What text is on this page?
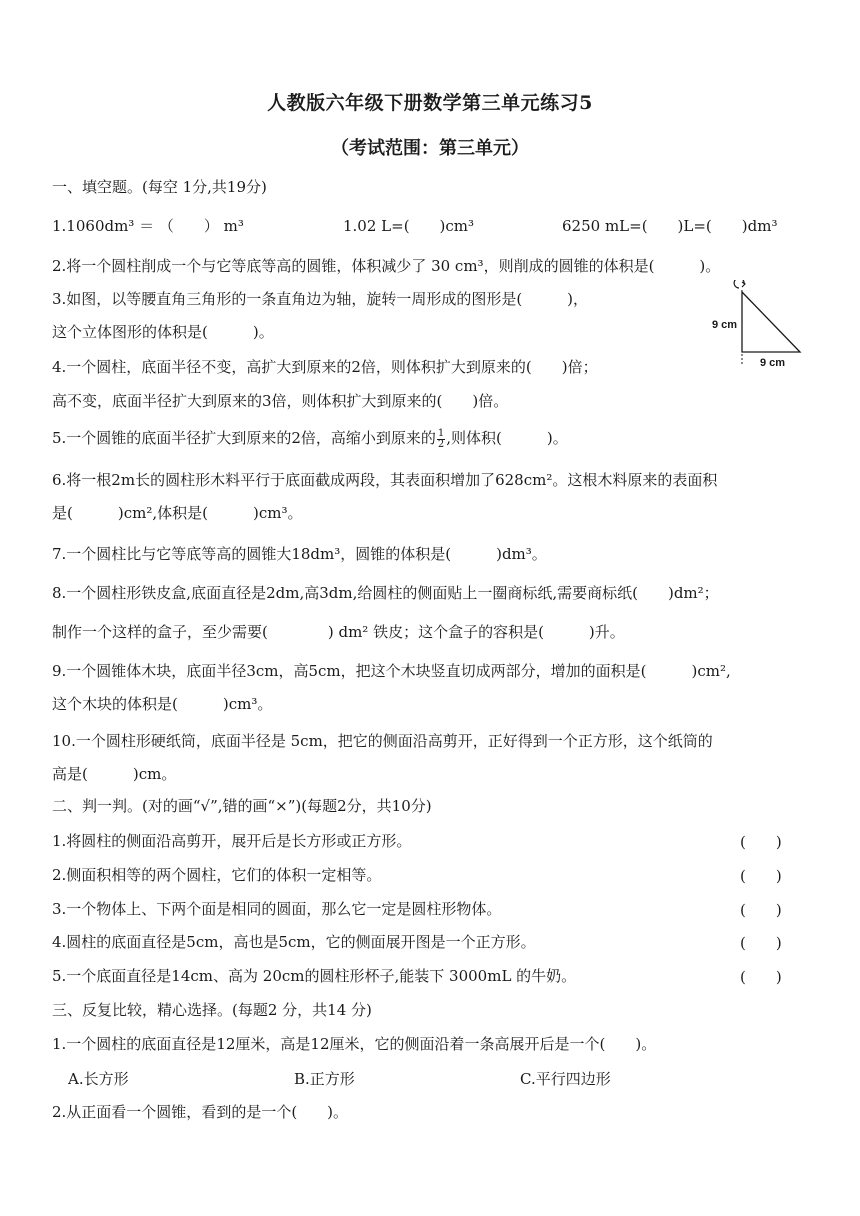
人教版六年级下册数学第三单元练习5
（考试范围：第三单元）
一、填空题。(每空 1分,共19分)
1.1060dm³ ＝ （　　） m³	1.02 L=(　　)cm³	6250 mL=(　　)L=(　　)dm³
2.将一个圆柱削成一个与它等底等高的圆锥，体积减少了 30 cm³，则削成的圆锥的体积是(　　　)。
3.如图，以等腰直角三角形的一条直角边为轴，旋转一周形成的图形是(　　　)，
这个立体图形的体积是(　　　)。	9 cm
9 cm
4.一个圆柱，底面半径不变，高扩大到原来的2倍，则体积扩大到原来的(　　)倍；
高不变，底面半径扩大到原来的3倍，则体积扩大到原来的(　　)倍。
5.一个圆锥的底面半径扩大到原来的2倍，高缩小到原来的 $\frac{1}{2}$ ,则体积(　　　)。
6.将一根2m长的圆柱形木料平行于底面截成两段，其表面积增加了628cm²。这根木料原来的表面积
是(　　　)cm²,体积是(　　　)cm³。
7.一个圆柱比与它等底等高的圆锥大18dm³，圆锥的体积是(　　　)dm³。
8.一个圆柱形铁皮盒,底面直径是2dm,高3dm,给圆柱的侧面贴上一圈商标纸,需要商标纸(　　)dm²；
制作一个这样的盒子，至少需要(　　　　) dm² 铁皮；这个盒子的容积是(　　　)升。
9.一个圆锥体木块，底面半径3cm，高5cm，把这个木块竖直切成两部分，增加的面积是(　　　)cm²,
这个木块的体积是(　　　)cm³。
10.一个圆柱形硬纸筒，底面半径是 5cm，把它的侧面沿高剪开，正好得到一个正方形，这个纸筒的
高是(　　　)cm。
二、判一判。(对的画“√”,错的画“×”)(每题2分，共10分)
1.将圆柱的侧面沿高剪开，展开后是长方形或正方形。	(　　)
2.侧面积相等的两个圆柱，它们的体积一定相等。	(　　)
3.一个物体上、下两个面是相同的圆面，那么它一定是圆柱形物体。	(　　)
4.圆柱的底面直径是5cm，高也是5cm，它的侧面展开图是一个正方形。	(　　)
5.一个底面直径是14cm、高为 20cm的圆柱形杯子,能装下 3000mL 的牛奶。	(　　)
三、反复比较，精心选择。(每题2 分，共14 分)
1.一个圆柱的底面直径是12厘米，高是12厘米，它的侧面沿着一条高展开后是一个(　　)。
A.长方形	B.正方形	C.平行四边形
2.从正面看一个圆锥，看到的是一个(　　)。
